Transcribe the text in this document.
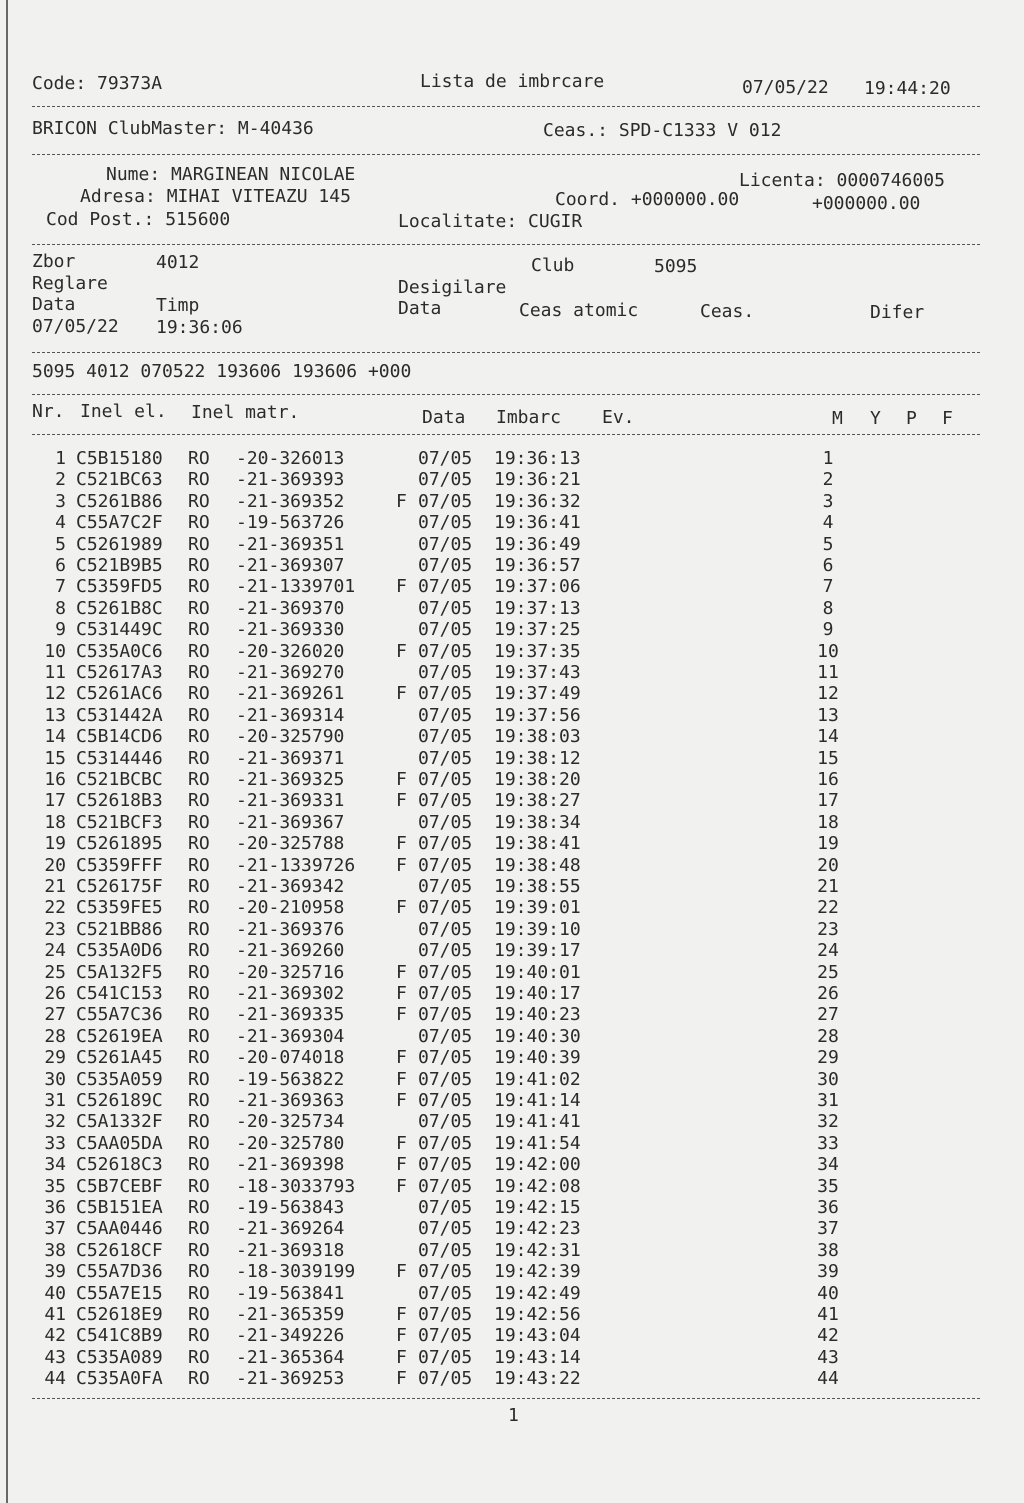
Code: 79373A	Lista de imbrcare	07/05/22 19:44:20
BRICON ClubMaster: M-40436	Ceas.: SPD-C1333 V 012
Nume: MARGINEAN NICOLAE
Adresa: MIHAI VITEAZU 145
Cod Post.: 515600
Licenta: 0000746005
Coord. +000000.00	+000000.00
Localitate: CUGIR
Zbor	4012	Club	5095
Reglare	Desigilare
Data	Timp	Data	Ceas atomic	Ceas.	Difer
07/05/22 19:36:06
5095 4012 070522 193606 193606 +000
Nr. Inel el. Inel matr.	Data Imbarc Ev.	M Y P F
1 C5B15180 RO -20-326013	07/05 19:36:13	1
2 C521BC63 RO -21-369393	07/05 19:36:21	2
3 C5261B86 RO -21-369352	F 07/05 19:36:32	3
4 C55A7C2F RO -19-563726	07/05 19:36:41	4
5 C5261989 RO -21-369351	07/05 19:36:49	5
6 C521B9B5 RO -21-369307	07/05 19:36:57	6
7 C5359FD5 RO -21-1339701 F 07/05 19:37:06	7
8 C5261B8C RO -21-369370	07/05 19:37:13	8
9 C531449C RO -21-369330	07/05 19:37:25	9
10 C535A0C6 RO -20-326020	F 07/05 19:37:35	10
11 C52617A3 RO -21-369270	07/05 19:37:43	11
12 C5261AC6 RO -21-369261	F 07/05 19:37:49	12
13 C531442A RO -21-369314	07/05 19:37:56	13
14 C5B14CD6 RO -20-325790	07/05 19:38:03	14
15 C5314446 RO -21-369371	07/05 19:38:12	15
16 C521BCBC RO -21-369325	F 07/05 19:38:20	16
17 C52618B3 RO -21-369331	F 07/05 19:38:27	17
18 C521BCF3 RO -21-369367	07/05 19:38:34	18
19 C5261895 RO -20-325788	F 07/05 19:38:41	19
20 C5359FFF RO -21-1339726 F 07/05 19:38:48	20
21 C526175F RO -21-369342	07/05 19:38:55	21
22 C5359FE5 RO -20-210958	F 07/05 19:39:01	22
23 C521BB86 RO -21-369376	07/05 19:39:10	23
24 C535A0D6 RO -21-369260	07/05 19:39:17	24
25 C5A132F5 RO -20-325716	F 07/05 19:40:01	25
26 C541C153 RO -21-369302	F 07/05 19:40:17	26
27 C55A7C36 RO -21-369335	F 07/05 19:40:23	27
28 C52619EA RO -21-369304	07/05 19:40:30	28
29 C5261A45 RO -20-074018	F 07/05 19:40:39	29
30 C535A059 RO -19-563822	F 07/05 19:41:02	30
31 C526189C RO -21-369363	F 07/05 19:41:14	31
32 C5A1332F RO -20-325734	07/05 19:41:41	32
33 C5AA05DA RO -20-325780	F 07/05 19:41:54	33
34 C52618C3 RO -21-369398	F 07/05 19:42:00	34
35 C5B7CEBF RO -18-3033793 F 07/05 19:42:08	35
36 C5B151EA RO -19-563843	07/05 19:42:15	36
37 C5AA0446 RO -21-369264	07/05 19:42:23	37
38 C52618CF RO -21-369318	07/05 19:42:31	38
39 C55A7D36 RO -18-3039199 F 07/05 19:42:39	39
40 C55A7E15 RO -19-563841	07/05 19:42:49	40
41 C52618E9 RO -21-365359	F 07/05 19:42:56	41
42 C541C8B9 RO -21-349226	F 07/05 19:43:04	42
43 C535A089 RO -21-365364	F 07/05 19:43:14	43
44 C535A0FA RO -21-369253	F 07/05 19:43:22	44
1
